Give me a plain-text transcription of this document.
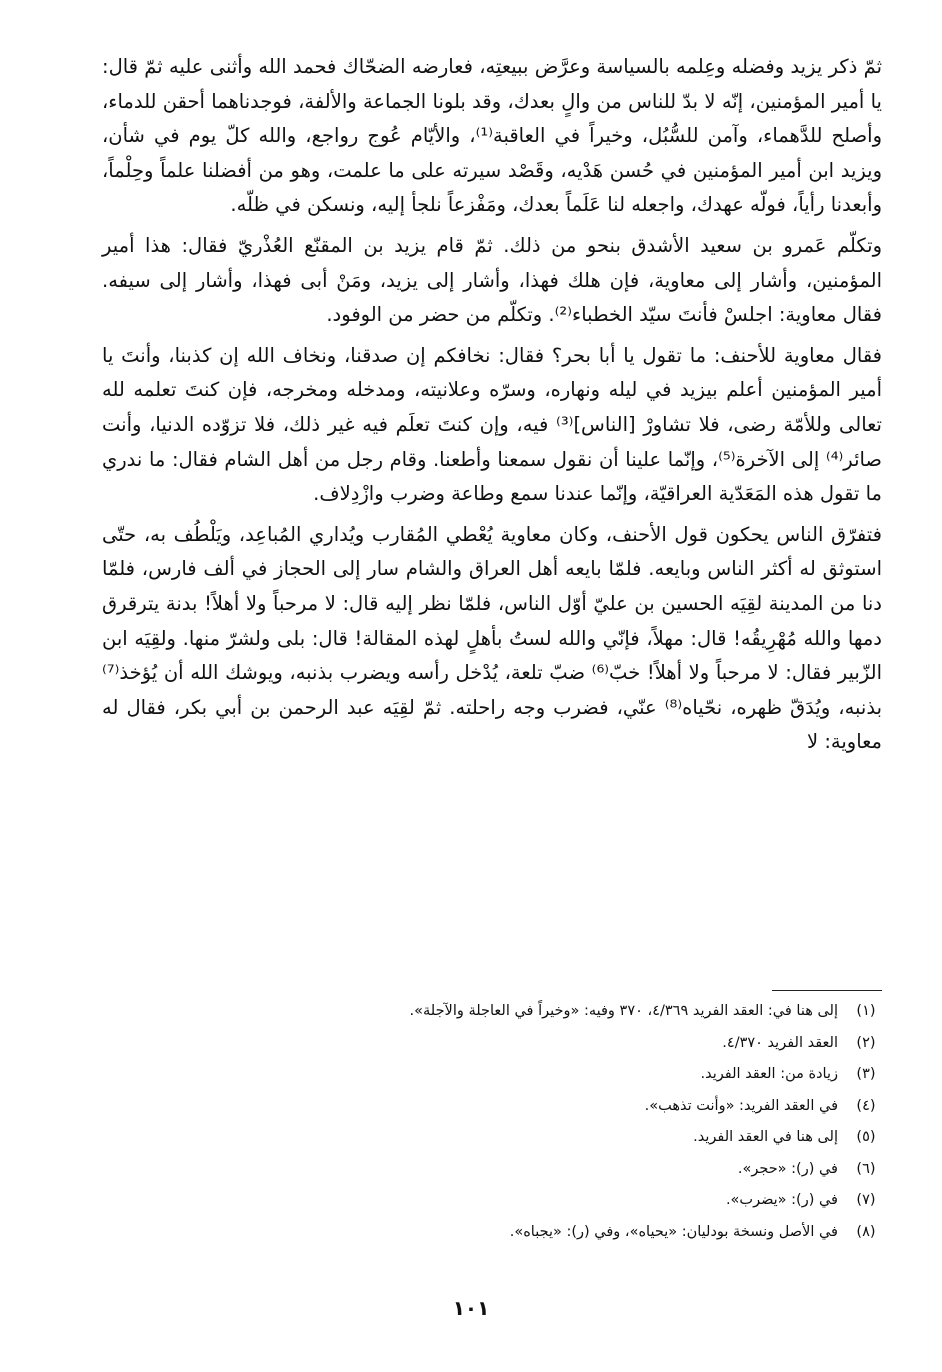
ثمّ ذكر يزيد وفضله وعِلمه بالسياسة وعرَّض ببيعتِه، فعارضه الضحّاك فحمد الله وأثنى عليه ثمّ قال: يا أمير المؤمنين، إنّه لا بدّ للناس من والٍ بعدك، وقد بلونا الجماعة والألفة، فوجدناهما أحقن للدماء، وأصلح للدَّهماء، وآمن للسُّبُل، وخيراً في العاقبة⁽¹⁾، والأيّام عُوج رواجع، والله كلّ يوم في شأن، ويزيد ابن أمير المؤمنين في حُسن هَدْيه، وقَصْد سيرته على ما علمت، وهو من أفضلنا علماً وحِلْماً، وأبعدنا رأياً، فولّه عهدك، واجعله لنا عَلَماً بعدك، ومَفْزعاً نلجأ إليه، ونسكن في ظلّه.

وتكلّم عَمرو بن سعيد الأشدق بنحو من ذلك. ثمّ قام يزيد بن المقنّع العُذْريّ فقال: هذا أمير المؤمنين، وأشار إلى معاوية، فإن هلك فهذا، وأشار إلى يزيد، ومَنْ أبى فهذا، وأشار إلى سيفه. فقال معاوية: اجلسْ فأنتَ سيّد الخطباء⁽²⁾. وتكلّم من حضر من الوفود.

فقال معاوية للأحنف: ما تقول يا أبا بحر؟ فقال: نخافكم إن صدقنا، ونخاف الله إن كذبنا، وأنتَ يا أمير المؤمنين أعلم بيزيد في ليله ونهاره، وسرّه وعلانيته، ومدخله ومخرجه، فإن كنتَ تعلمه لله تعالى وللأمّة رضى، فلا تشاورْ [الناس]⁽³⁾ فيه، وإن كنتَ تعلَم فيه غير ذلك، فلا تزوّده الدنيا، وأنت صائر⁽⁴⁾ إلى الآخرة⁽⁵⁾، وإنّما علينا أن نقول سمعنا وأطعنا. وقام رجل من أهل الشام فقال: ما ندري ما تقول هذه المَعَدّية العراقيّة، وإنّما عندنا سمع وطاعة وضرب وازْدِلاف.

فتفرّق الناس يحكون قول الأحنف، وكان معاوية يُعْطي المُقارب ويُداري المُباعِد، ويَلْطُف به، حتّى استوثق له أكثر الناس وبايعه. فلمّا بايعه أهل العراق والشام سار إلى الحجاز في ألف فارس، فلمّا دنا من المدينة لقِيَه الحسين بن عليّ أوّل الناس، فلمّا نظر إليه قال: لا مرحباً ولا أهلاً! بدنة يترقرق دمها والله مُهْرِيقُه! قال: مهلاً، فإنّي والله لستُ بأهلٍ لهذه المقالة! قال: بلى ولشرّ منها. ولقِيَه ابن الزّبير فقال: لا مرحباً ولا أهلاً! خبّ⁽⁶⁾ ضبّ تلعة، يُدْخل رأسه ويضرب بذنبه، ويوشك الله أن يُؤخذ⁽⁷⁾ بذنبه، ويُدَقّ ظهره، نحّياه⁽⁸⁾ عنّي، فضرب وجه راحلته. ثمّ لقِيَه عبد الرحمن بن أبي بكر، فقال له معاوية: لا

(١)
إلى هنا في: العقد الفريد ٤/٣٦٩، ٣٧٠ وفيه: «وخيراً في العاجلة والآجلة».
(٢)
العقد الفريد ٤/٣٧٠.
(٣)
زيادة من: العقد الفريد.
(٤)
في العقد الفريد: «وأنت تذهب».
(٥)
إلى هنا في العقد الفريد.
(٦)
في (ر): «حجر».
(٧)
في (ر): «يضرب».
(٨)
في الأصل ونسخة بودليان: «يحياه»، وفي (ر): «يجباه».
١٠١
